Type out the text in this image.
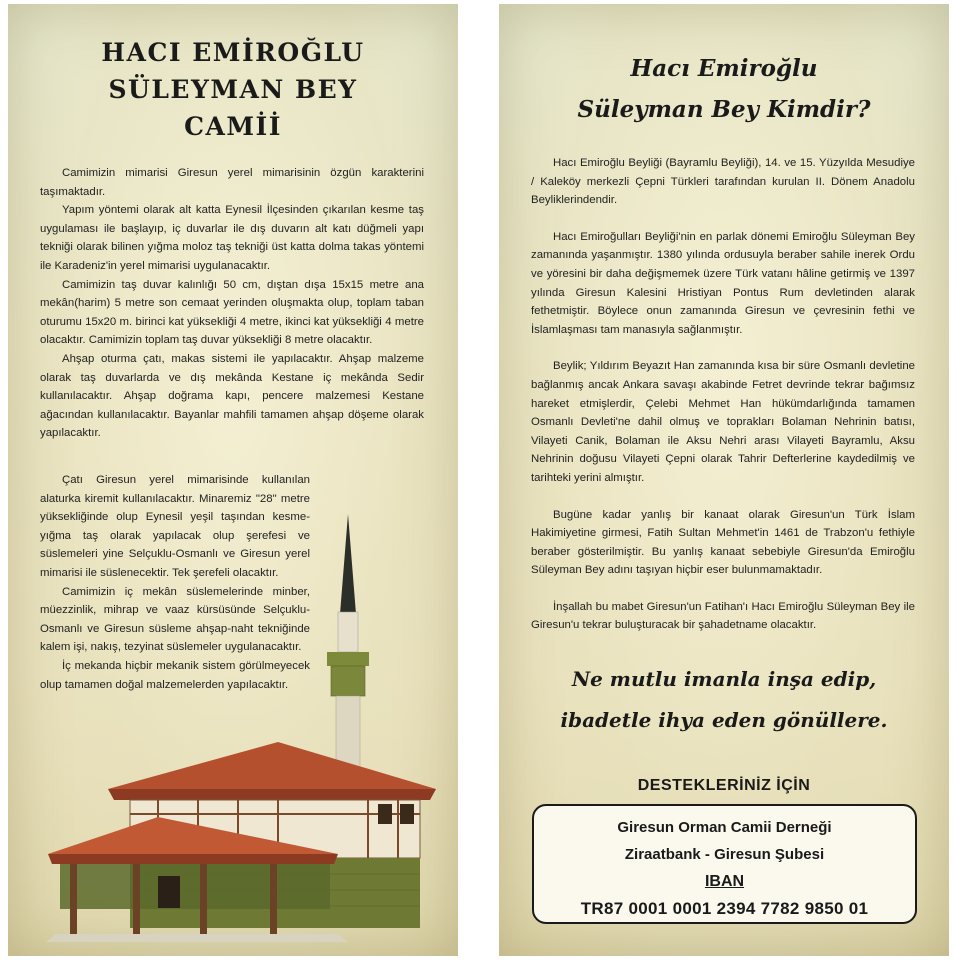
HACI EMİROĞLU
SÜLEYMAN BEY
CAMİİ

Camimizin mimarisi Giresun yerel mimarisinin özgün karakterini taşımaktadır.

Yapım yöntemi olarak alt katta Eynesil İlçesinden çıkarılan kesme taş uygulaması ile başlayıp, iç duvarlar ile dış duvarın alt katı düğmeli yapı tekniği olarak bilinen yığma moloz taş tekniği üst katta dolma takas yöntemi ile Karadeniz'in yerel mimarisi uygulanacaktır.

Camimizin taş duvar kalınlığı 50 cm, dıştan dışa 15x15 metre ana mekân(harim) 5 metre son cemaat yerinden oluşmakta olup, toplam taban oturumu 15x20 m. birinci kat yüksekliği 4 metre, ikinci kat yüksekliği 4 metre olacaktır. Camimizin toplam taş duvar yüksekliği 8 metre olacaktır.

Ahşap oturma çatı, makas sistemi ile yapılacaktır. Ahşap malzeme olarak taş duvarlarda ve dış mekânda Kestane iç mekânda Sedir kullanılacaktır. Ahşap doğrama kapı, pencere malzemesi Kestane ağacından kullanılacaktır. Bayanlar mahfili tamamen ahşap döşeme olarak yapılacaktır.

Çatı Giresun yerel mimarisinde kullanılan alaturka kiremit kullanılacaktır. Minaremiz "28" metre yüksekliğinde olup Eynesil yeşil taşından kesme-yığma taş olarak yapılacak olup şerefesi ve süslemeleri yine Selçuklu-Osmanlı ve Giresun yerel mimarisi ile süslenecektir. Tek şerefeli olacaktır.

Camimizin iç mekân süslemelerinde minber, müezzinlik, mihrap ve vaaz kürsüsünde Selçuklu-Osmanlı ve Giresun süsleme ahşap-naht tekniğinde kalem işi, nakış, tezyinat süslemeler uygulanacaktır.

İç mekanda hiçbir mekanik sistem görülmeyecek olup tamamen doğal malzemelerden yapılacaktır.

Hacı Emiroğlu
Süleyman Bey Kimdir?

Hacı Emiroğlu Beyliği (Bayramlu Beyliği), 14. ve 15. Yüzyılda Mesudiye / Kaleköy merkezli Çepni Türkleri tarafından kurulan II. Dönem Anadolu Beyliklerindendir.

Hacı Emiroğulları Beyliği'nin en parlak dönemi Emiroğlu Süleyman Bey zamanında yaşanmıştır. 1380 yılında ordusuyla beraber sahile inerek Ordu ve yöresini bir daha değişmemek üzere Türk vatanı hâline getirmiş ve 1397 yılında Giresun Kalesini Hristiyan Pontus Rum devletinden alarak fethetmiştir. Böylece onun zamanında Giresun ve çevresinin fethi ve İslamlaşması tam manasıyla sağlanmıştır.

Beylik; Yıldırım Beyazıt Han zamanında kısa bir süre Osmanlı devletine bağlanmış ancak Ankara savaşı akabinde Fetret devrinde tekrar bağımsız hareket etmişlerdir, Çelebi Mehmet Han hükümdarlığında tamamen Osmanlı Devleti'ne dahil olmuş ve toprakları Bolaman Nehrinin batısı, Vilayeti Canik, Bolaman ile Aksu Nehri arası Vilayeti Bayramlu, Aksu Nehrinin doğusu Vilayeti Çepni olarak Tahrir Defterlerine kaydedilmiş ve tarihteki yerini almıştır.

Bugüne kadar yanlış bir kanaat olarak Giresun'un Türk İslam Hakimiyetine girmesi, Fatih Sultan Mehmet'in 1461 de Trabzon'u fethiyle beraber gösterilmiştir. Bu yanlış kanaat sebebiyle Giresun'da Emiroğlu Süleyman Bey adını taşıyan hiçbir eser bulunmamaktadır.

İnşallah bu mabet Giresun'un Fatihan'ı Hacı Emiroğlu Süleyman Bey ile Giresun'u tekrar buluşturacak bir şahadetname olacaktır.

Ne mutlu imanla inşa edip,
ibadetle ihya eden gönüllere.
DESTEKLERİNİZ İÇİN
Giresun Orman Camii Derneği
Ziraatbank - Giresun Şubesi
IBAN
TR87 0001 0001 2394 7782 9850 01
